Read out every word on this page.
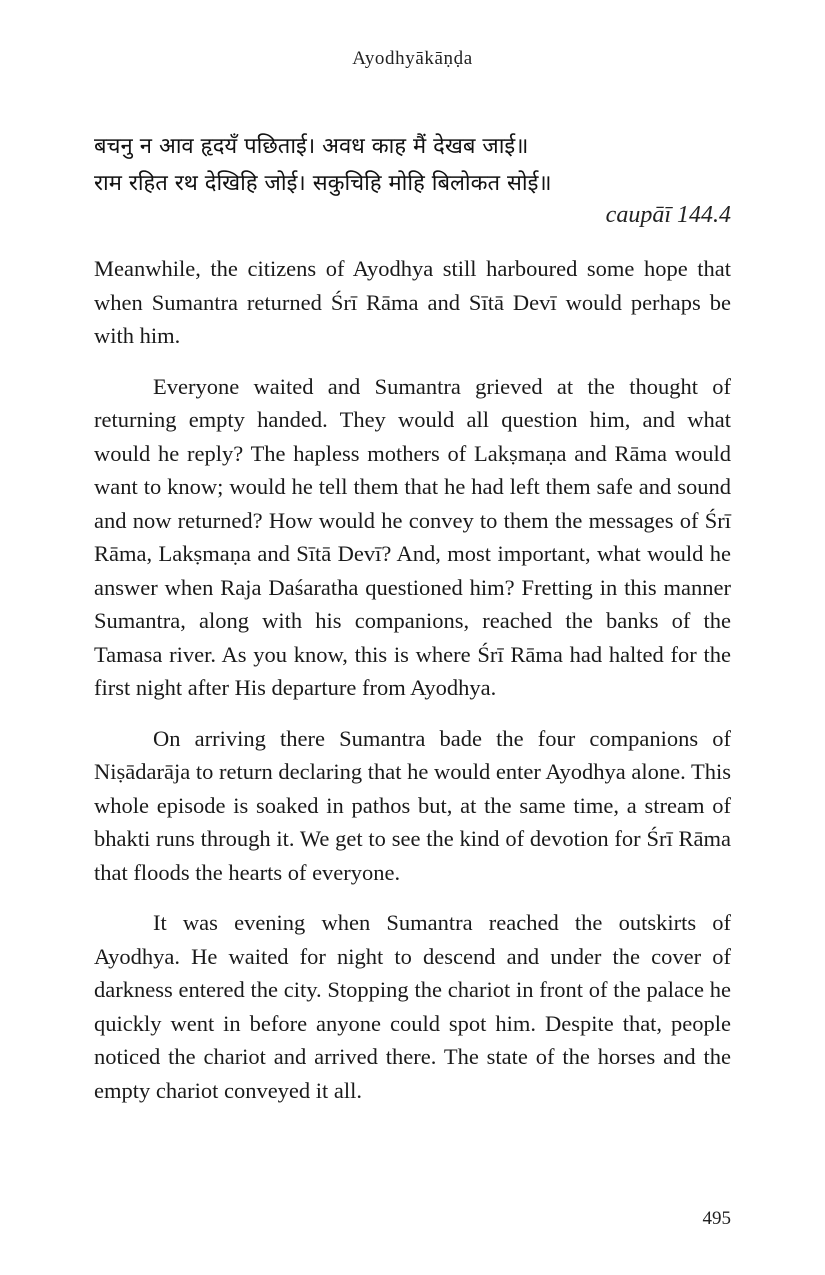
Ayodhyākāṇḍa
बचनु न आव हृदयँ पछिताई। अवध काह मैं देखब जाई॥
राम रहित रथ देखिहि जोई। सकुचिहि मोहि बिलोकत सोई॥
caupāī 144.4

Meanwhile, the citizens of Ayodhya still harboured some hope that when Sumantra returned Śrī Rāma and Sītā Devī would perhaps be with him.

Everyone waited and Sumantra grieved at the thought of returning empty handed. They would all question him, and what would he reply? The hapless mothers of Lakṣmaṇa and Rāma would want to know; would he tell them that he had left them safe and sound and now returned? How would he convey to them the messages of Śrī Rāma, Lakṣmaṇa and Sītā Devī? And, most important, what would he answer when Raja Daśaratha questioned him? Fretting in this manner Sumantra, along with his companions, reached the banks of the Tamasa river. As you know, this is where Śrī Rāma had halted for the first night after His departure from Ayodhya.

On arriving there Sumantra bade the four companions of Niṣādarāja to return declaring that he would enter Ayodhya alone. This whole episode is soaked in pathos but, at the same time, a stream of bhakti runs through it. We get to see the kind of devotion for Śrī Rāma that floods the hearts of everyone.

It was evening when Sumantra reached the outskirts of Ayodhya. He waited for night to descend and under the cover of darkness entered the city. Stopping the chariot in front of the palace he quickly went in before anyone could spot him. Despite that, people noticed the chariot and arrived there. The state of the horses and the empty chariot conveyed it all.

495
